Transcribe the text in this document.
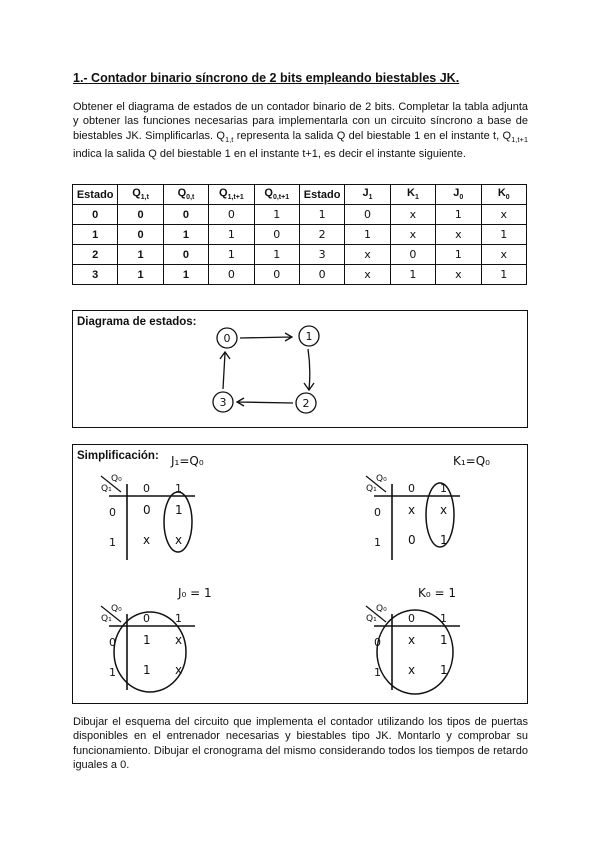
1.- Contador binario síncrono de 2 bits empleando biestables JK.
Obtener el diagrama de estados de un contador binario de 2 bits. Completar la tabla adjunta y obtener las funciones necesarias para implementarla con un circuito síncrono a base de biestables JK. Simplificarlas. $Q_{1,t}$ representa la salida Q del biestable 1 en el instante t, $Q_{1,t+1}$ indica la salida Q del biestable 1 en el instante t+1, es decir el instante siguiente.
Estado	$Q_{1,t}$	$Q_{0,t}$	$Q_{1,t+1}$	$Q_{0,t+1}$	Estado	$J_1$	$K_1$	$J_0$	$K_0$
0	0	0	0	1	1	0	x	1	x
1	0	1	1	0	2	1	x	x	1
2	1	0	1	1	3	x	0	1	x
3	1	1	0	0	0	x	1	x	1
Diagrama de estados:
0	1
2
3
Simplificación: J₁=Q₀
Q₁
Q₀
0 1
0
1
0 1
x x
K₁=Q₀
Q₁
Q₀
0 1
0
1
x x
0 1
J₀ = 1
Q₁
Q₀
0 1
0
1
1 x
1 x
K₀ = 1
Q₁
Q₀
0 1
0
1
x 1
x 1
Dibujar el esquema del circuito que implementa el contador utilizando los tipos de puertas disponibles en el entrenador necesarias y biestables tipo JK. Montarlo y comprobar su funcionamiento. Dibujar el cronograma del mismo considerando todos los tiempos de retardo iguales a 0.
